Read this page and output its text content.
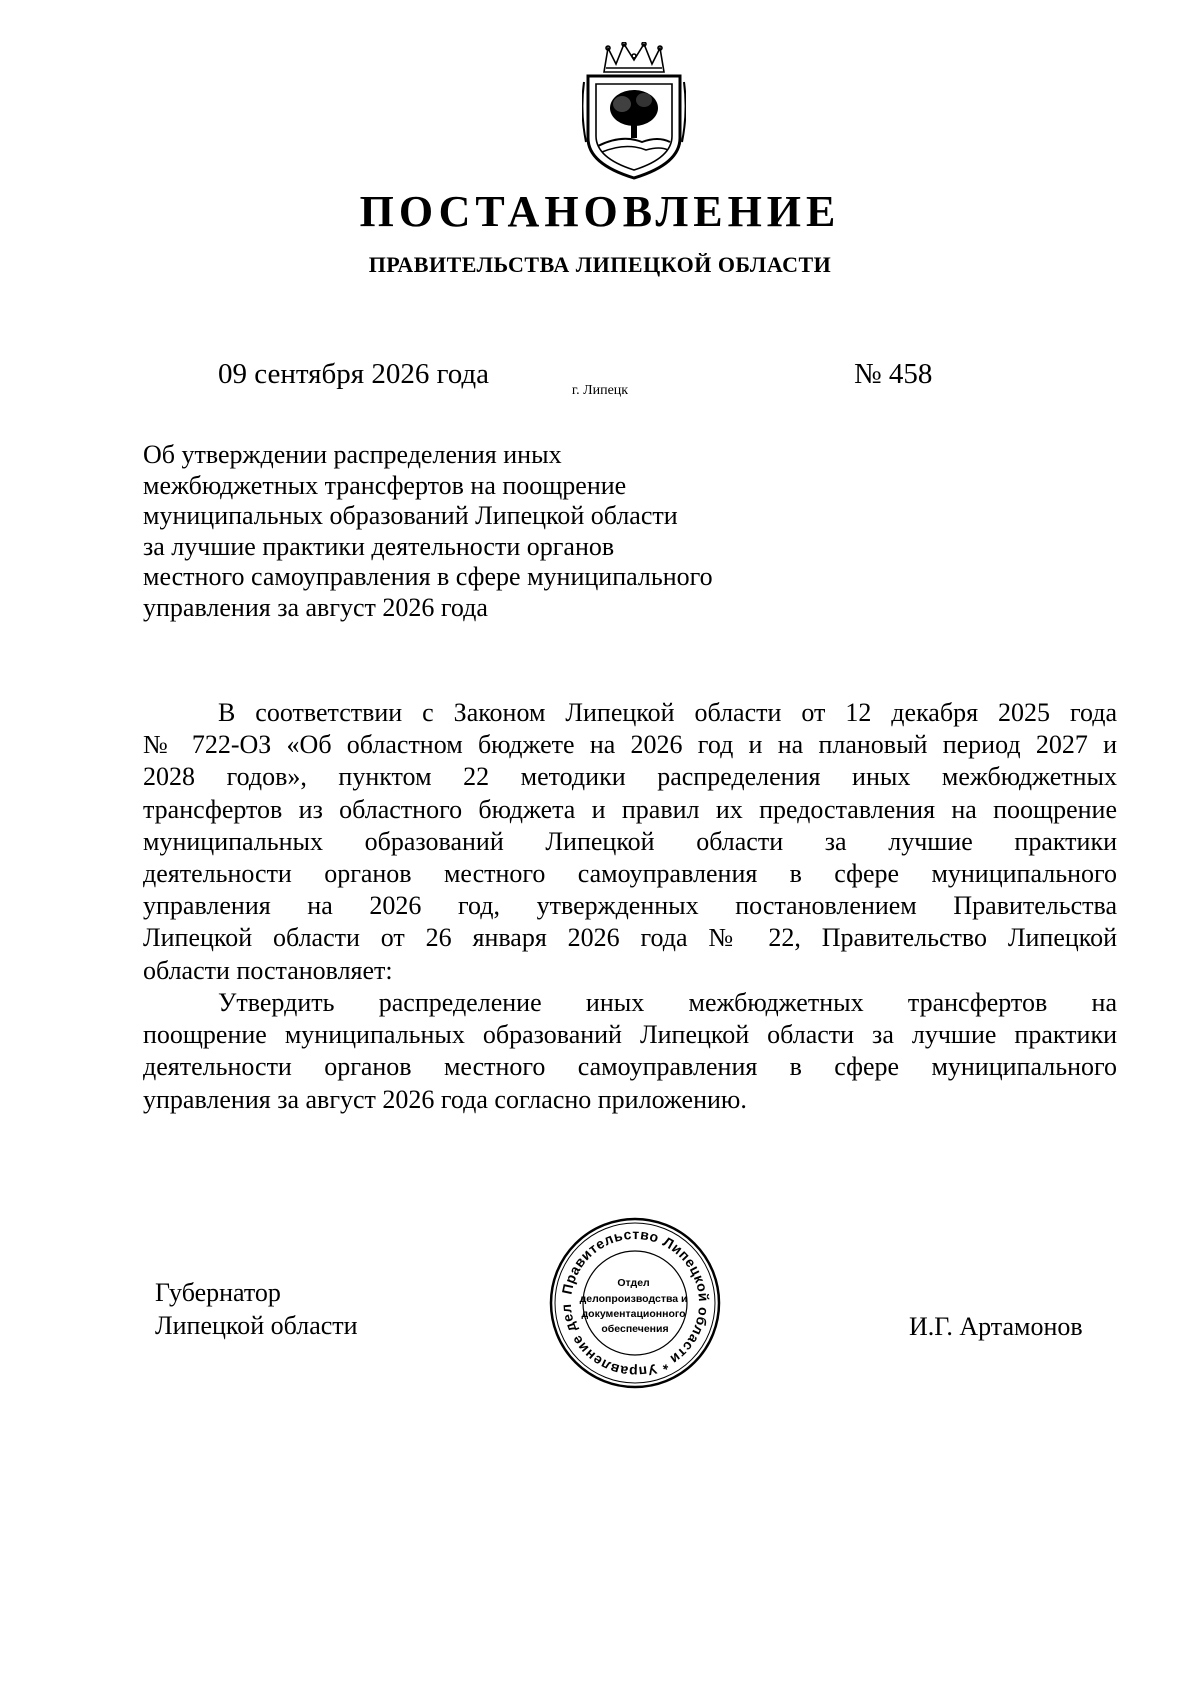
ПОСТАНОВЛЕНИЕ
ПРАВИТЕЛЬСТВА ЛИПЕЦКОЙ ОБЛАСТИ
09 сентября 2026 года
г. Липецк
№ 458
Об утверждении распределения иных
межбюджетных трансфертов на поощрение
муниципальных образований Липецкой области
за лучшие практики деятельности органов
местного самоуправления в сфере муниципального
управления за август 2026 года
В соответствии с Законом Липецкой области от 12 декабря 2025 года
№ 722-ОЗ «Об областном бюджете на 2026 год и на плановый период 2027 и
2028 годов», пунктом 22 методики распределения иных межбюджетных
трансфертов из областного бюджета и правил их предоставления на поощрение
муниципальных образований Липецкой области за лучшие практики
деятельности органов местного самоуправления в сфере муниципального
управления на 2026 год, утвержденных постановлением Правительства
Липецкой области от 26 января 2026 года № 22, Правительство Липецкой
области постановляет:
Утвердить распределение иных межбюджетных трансфертов на
поощрение муниципальных образований Липецкой области за лучшие практики
деятельности органов местного самоуправления в сфере муниципального
управления за август 2026 года согласно приложению.
Губернатор
Липецкой области	И.Г. Артамонов
Правительство Липецкой области * Управление дел
Отдел делопроизводства и документационного обеспечения
